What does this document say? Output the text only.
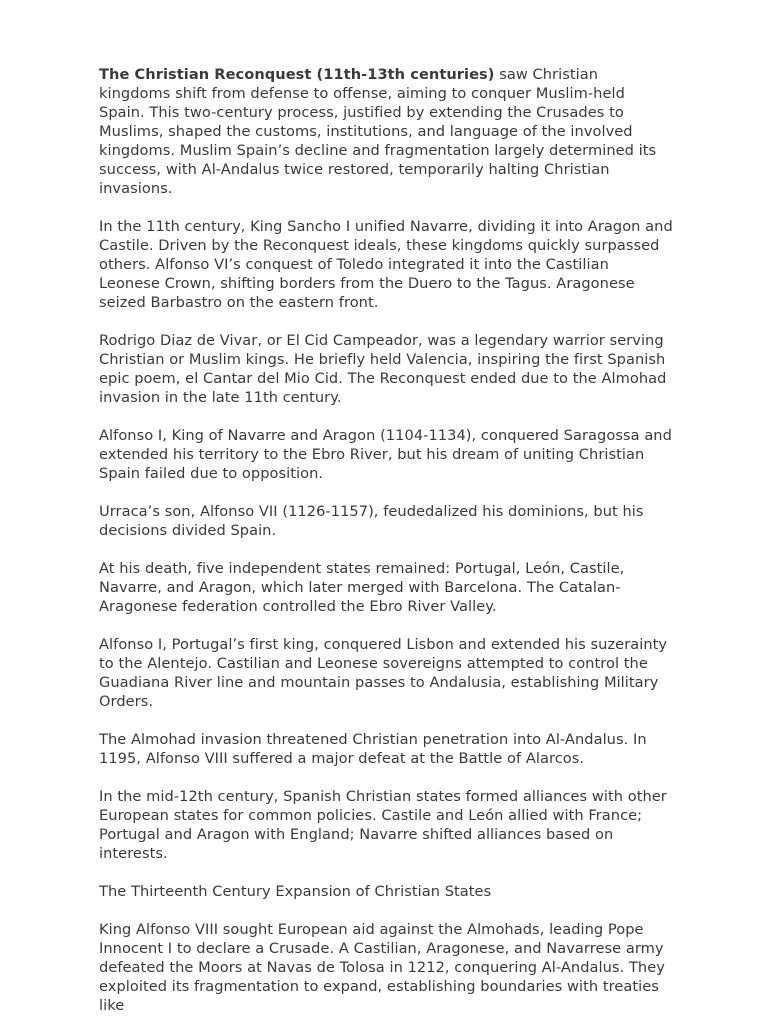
The Christian Reconquest (11th-13th centuries) saw Christian kingdoms shift from defense to offense, aiming to conquer Muslim-held Spain. This two-century process, justified by extending the Crusades to Muslims, shaped the customs, institutions, and language of the involved kingdoms. Muslim Spain’s decline and fragmentation largely determined its success, with Al-Andalus twice restored, temporarily halting Christian invasions.

In the 11th century, King Sancho I unified Navarre, dividing it into Aragon and Castile. Driven by the Reconquest ideals, these kingdoms quickly surpassed others. Alfonso VI’s conquest of Toledo integrated it into the Castilian Leonese Crown, shifting borders from the Duero to the Tagus. Aragonese seized Barbastro on the eastern front.

Rodrigo Diaz de Vivar, or El Cid Campeador, was a legendary warrior serving Christian or Muslim kings. He briefly held Valencia, inspiring the first Spanish epic poem, el Cantar del Mio Cid. The Reconquest ended due to the Almohad invasion in the late 11th century.

Alfonso I, King of Navarre and Aragon (1104-1134), conquered Saragossa and extended his territory to the Ebro River, but his dream of uniting Christian Spain failed due to opposition.

Urraca’s son, Alfonso VII (1126-1157), feudedalized his dominions, but his decisions divided Spain.

At his death, five independent states remained: Portugal, León, Castile, Navarre, and Aragon, which later merged with Barcelona. The Catalan-Aragonese federation controlled the Ebro River Valley.

Alfonso I, Portugal’s first king, conquered Lisbon and extended his suzerainty to the Alentejo. Castilian and Leonese sovereigns attempted to control the Guadiana River line and mountain passes to Andalusia, establishing Military Orders.

The Almohad invasion threatened Christian penetration into Al-Andalus. In 1195, Alfonso VIII suffered a major defeat at the Battle of Alarcos.

In the mid-12th century, Spanish Christian states formed alliances with other European states for common policies. Castile and León allied with France; Portugal and Aragon with England; Navarre shifted alliances based on interests.

The Thirteenth Century Expansion of Christian States

King Alfonso VIII sought European aid against the Almohads, leading Pope Innocent I to declare a Crusade. A Castilian, Aragonese, and Navarrese army defeated the Moors at Navas de Tolosa in 1212, conquering Al-Andalus. They exploited its fragmentation to expand, establishing boundaries with treaties like
